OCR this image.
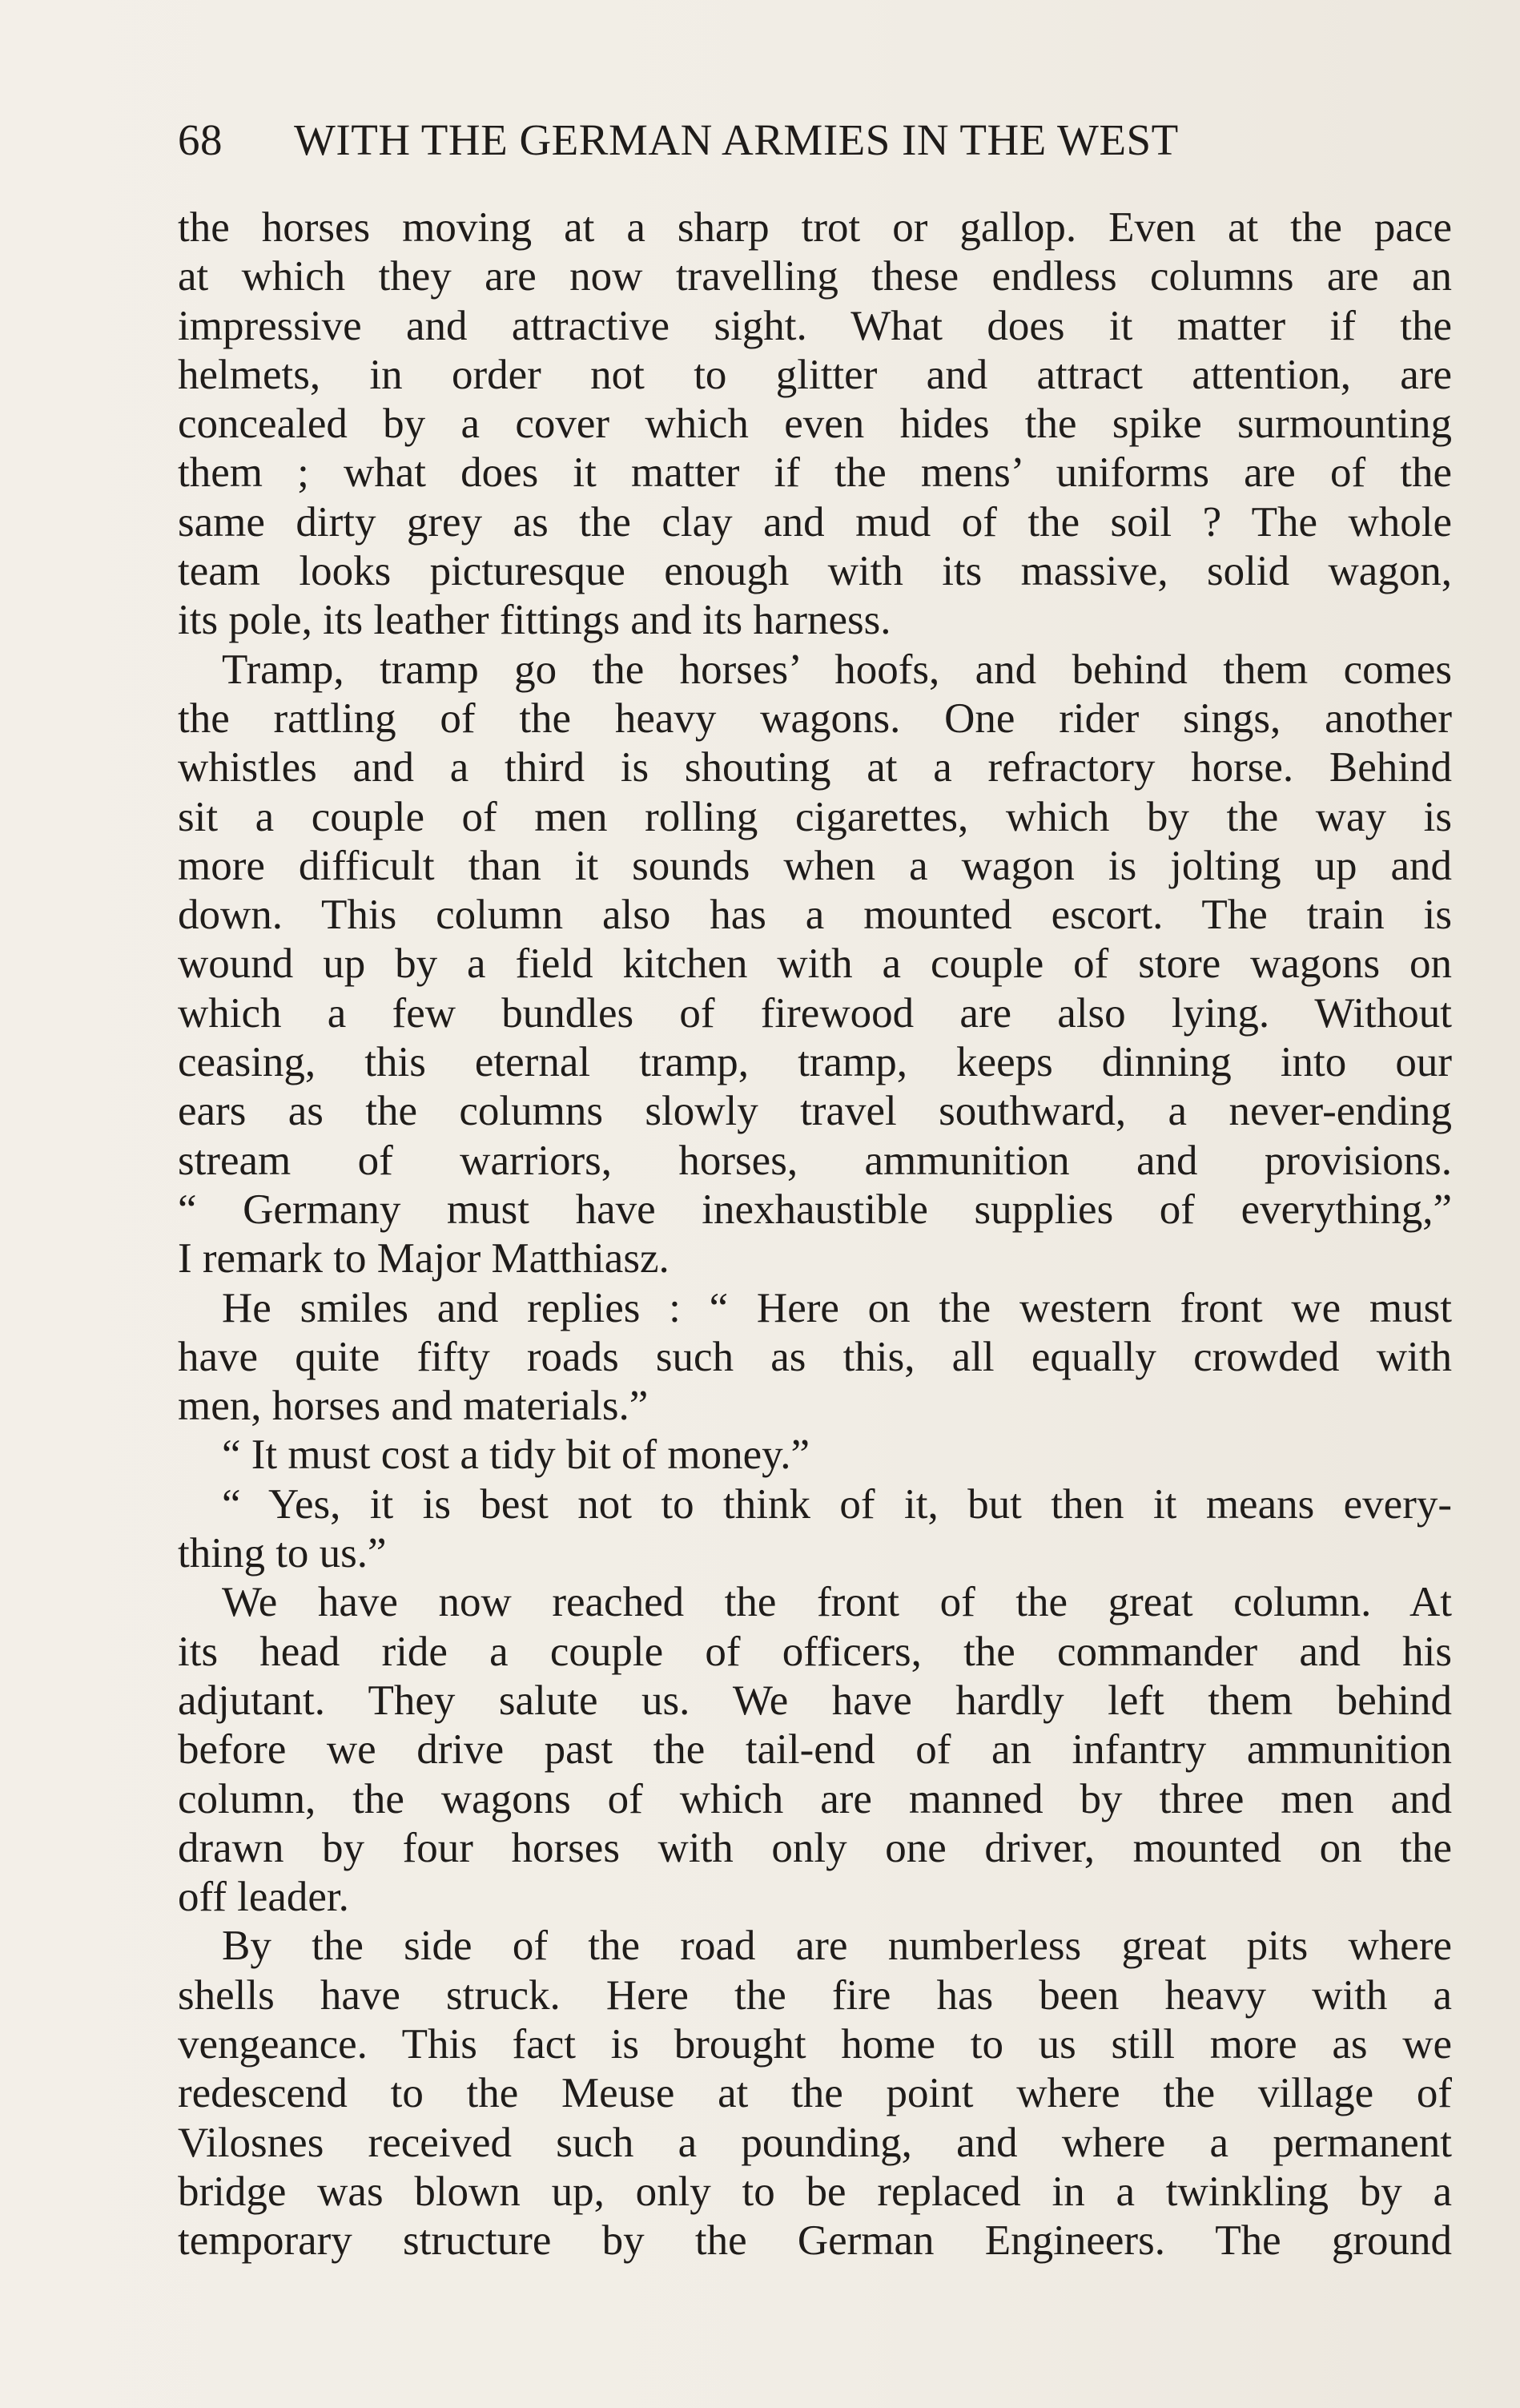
68 WITH THE GERMAN ARMIES IN THE WEST
the horses moving at a sharp trot or gallop. Even at the pace
at which they are now travelling these endless columns are an
impressive and attractive sight. What does it matter if the
helmets, in order not to glitter and attract attention, are
concealed by a cover which even hides the spike surmounting
them ; what does it matter if the mens’ uniforms are of the
same dirty grey as the clay and mud of the soil ? The whole
team looks picturesque enough with its massive, solid wagon,
its pole, its leather fittings and its harness.
Tramp, tramp go the horses’ hoofs, and behind them comes
the rattling of the heavy wagons. One rider sings, another
whistles and a third is shouting at a refractory horse. Behind
sit a couple of men rolling cigarettes, which by the way is
more difficult than it sounds when a wagon is jolting up and
down. This column also has a mounted escort. The train is
wound up by a field kitchen with a couple of store wagons on
which a few bundles of firewood are also lying. Without
ceasing, this eternal tramp, tramp, keeps dinning into our
ears as the columns slowly travel southward, a never-ending
stream of warriors, horses, ammunition and provisions.
“ Germany must have inexhaustible supplies of everything,”
I remark to Major Matthiasz.
He smiles and replies : “ Here on the western front we must
have quite fifty roads such as this, all equally crowded with
men, horses and materials.”
“ It must cost a tidy bit of money.”
“ Yes, it is best not to think of it, but then it means every-
thing to us.”
We have now reached the front of the great column. At
its head ride a couple of officers, the commander and his
adjutant. They salute us. We have hardly left them behind
before we drive past the tail-end of an infantry ammunition
column, the wagons of which are manned by three men and
drawn by four horses with only one driver, mounted on the
off leader.
By the side of the road are numberless great pits where
shells have struck. Here the fire has been heavy with a
vengeance. This fact is brought home to us still more as we
redescend to the Meuse at the point where the village of
Vilosnes received such a pounding, and where a permanent
bridge was blown up, only to be replaced in a twinkling by a
temporary structure by the German Engineers. The ground
